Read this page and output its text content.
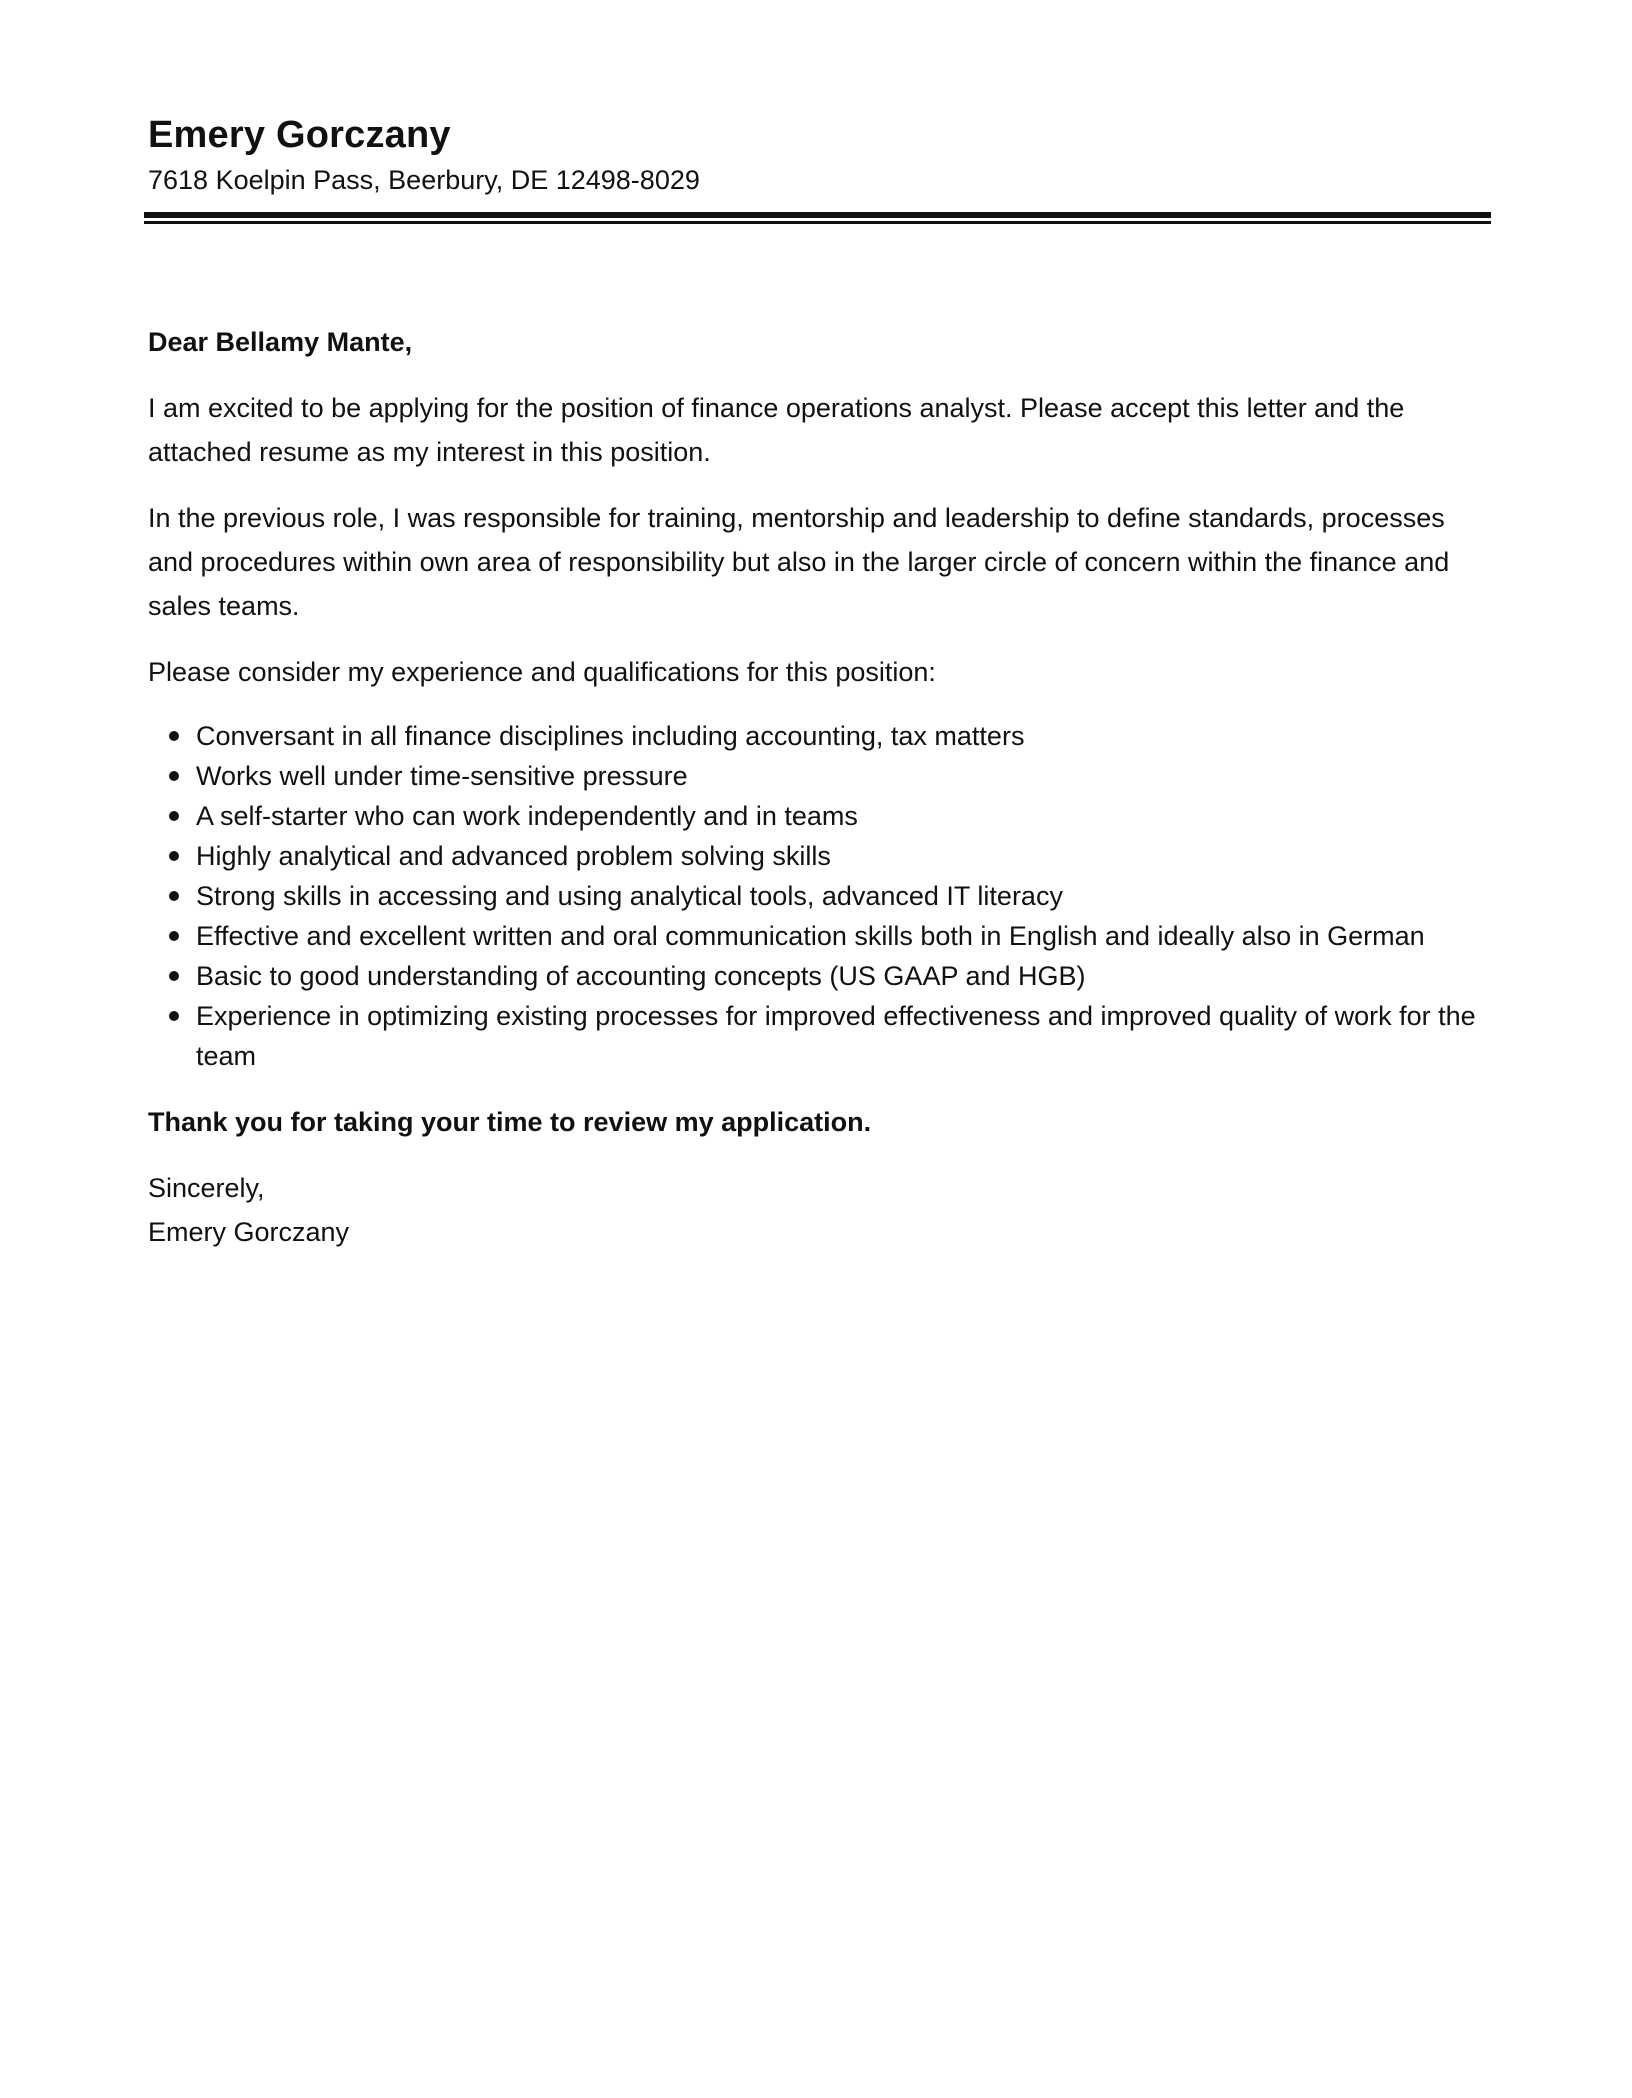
Emery Gorczany
7618 Koelpin Pass, Beerbury, DE 12498-8029

Dear Bellamy Mante,

I am excited to be applying for the position of finance operations analyst. Please accept this letter and the attached resume as my interest in this position.

In the previous role, I was responsible for training, mentorship and leadership to define standards, processes and procedures within own area of responsibility but also in the larger circle of concern within the finance and sales teams.

Please consider my experience and qualifications for this position:

Conversant in all finance disciplines including accounting, tax matters
Works well under time-sensitive pressure
A self-starter who can work independently and in teams
Highly analytical and advanced problem solving skills
Strong skills in accessing and using analytical tools, advanced IT literacy
Effective and excellent written and oral communication skills both in English and ideally also in German
Basic to good understanding of accounting concepts (US GAAP and HGB)
Experience in optimizing existing processes for improved effectiveness and improved quality of work for the team

Thank you for taking your time to review my application.

Sincerely,
Emery Gorczany
